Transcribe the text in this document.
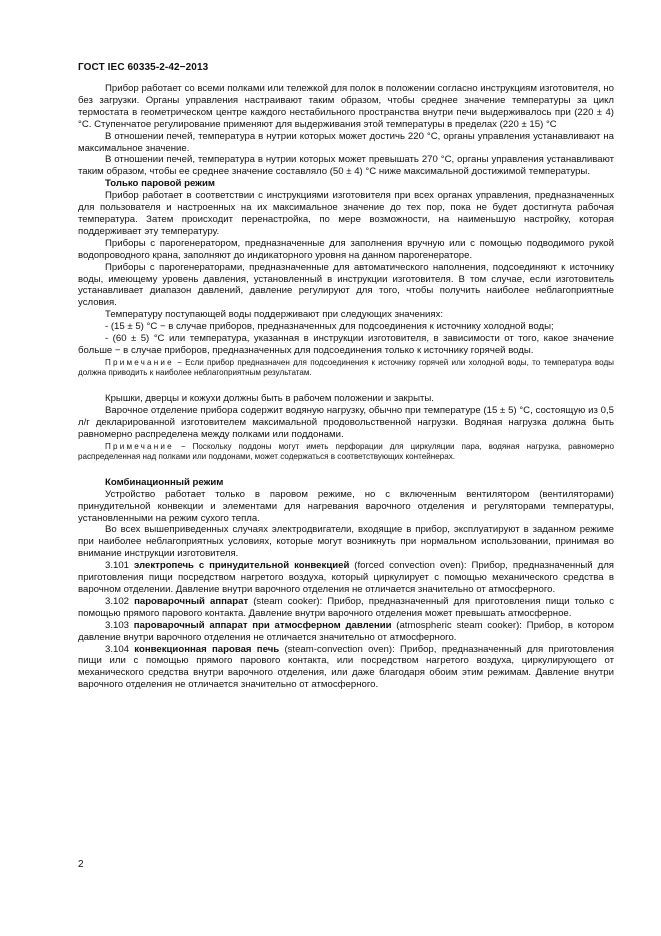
ГОСТ IEC 60335-2-42−2013

Прибор работает со всеми полками или тележкой для полок в положении согласно инструкциям изготовителя, но без загрузки. Органы управления настраивают таким образом, чтобы среднее значение температуры за цикл термостата в геометрическом центре каждого нестабильного пространства внутри печи выдерживалось при (220 ± 4) °C. Ступенчатое регулирование применяют для выдерживания этой температуры в пределах (220 ± 15) °C

В отношении печей, температура в нутрии которых может достичь 220 °C, органы управления устанавливают на максимальное значение.

В отношении печей, температура в нутрии которых может превышать 270 °C, органы управления устанавливают таким образом, чтобы ее среднее значение составляло (50 ± 4) °C ниже максимальной достижимой температуры.

Только паровой режим

Прибор работает в соответствии с инструкциями изготовителя при всех органах управления, предназначенных для пользователя и настроенных на их максимальное значение до тех пор, пока не будет достигнута рабочая температура. Затем происходит перенастройка, по мере возможности, на наименьшую настройку, которая поддерживает эту температуру.

Приборы с парогенератором, предназначенные для заполнения вручную или с помощью подводимого рукой водопроводного крана, заполняют до индикаторного уровня на данном парогенераторе.

Приборы с парогенераторами, предназначенные для автоматического наполнения, подсоединяют к источнику воды, имеющему уровень давления, установленный в инструкции изготовителя. В том случае, если изготовитель устанавливает диапазон давлений, давление регулируют для того, чтобы получить наиболее неблагоприятные условия.

Температуру поступающей воды поддерживают при следующих значениях:

- (15 ± 5) °C − в случае приборов, предназначенных для подсоединения к источнику холодной воды;

- (60 ± 5) °C или температура, указанная в инструкции изготовителя, в зависимости от того, какое значение больше − в случае приборов, предназначенных для подсоединения только к источнику горячей воды.

Примечание − Если прибор предназначен для подсоединения к источнику горячей или холодной воды, то температура воды должна приводить к наиболее неблагоприятным результатам.

Крышки, дверцы и кожухи должны быть в рабочем положении и закрыты.

Варочное отделение прибора содержит водяную нагрузку, обычно при температуре (15 ± 5) °C, состоящую из 0,5 л/г декларированной изготовителем максимальной продовольственной нагрузки. Водяная нагрузка должна быть равномерно распределена между полками или поддонами.

Примечание − Поскольку поддоны могут иметь перфорации для циркуляции пара, водяная нагрузка, равномерно распределенная над полками или поддонами, может содержаться в соответствующих контейнерах.

Комбинационный режим

Устройство работает только в паровом режиме, но с включенным вентилятором (вентиляторами) принудительной конвекции и элементами для нагревания варочного отделения и регуляторами температуры, установленными на режим сухого тепла.

Во всех вышеприведенных случаях электродвигатели, входящие в прибор, эксплуатируют в заданном режиме при наиболее неблагоприятных условиях, которые могут возникнуть при нормальном использовании, принимая во внимание инструкции изготовителя.

3.101 электропечь с принудительной конвекцией (forced convection oven): Прибор, предназначенный для приготовления пищи посредством нагретого воздуха, который циркулирует с помощью механического средства в варочном отделении. Давление внутри варочного отделения не отличается значительно от атмосферного.

3.102 пароварочный аппарат (steam cooker): Прибор, предназначенный для приготовления пищи только с помощью прямого парового контакта. Давление внутри варочного отделения может превышать атмосферное.

3.103 пароварочный аппарат при атмосферном давлении (atmospheric steam cooker): Прибор, в котором давление внутри варочного отделения не отличается значительно от атмосферного.

3.104 конвекционная паровая печь (steam-convection oven): Прибор, предназначенный для приготовления пищи или с помощью прямого парового контакта, или посредством нагретого воздуха, циркулирующего от механического средства внутри варочного отделения, или даже благодаря обоим этим режимам. Давление внутри варочного отделения не отличается значительно от атмосферного.

2
